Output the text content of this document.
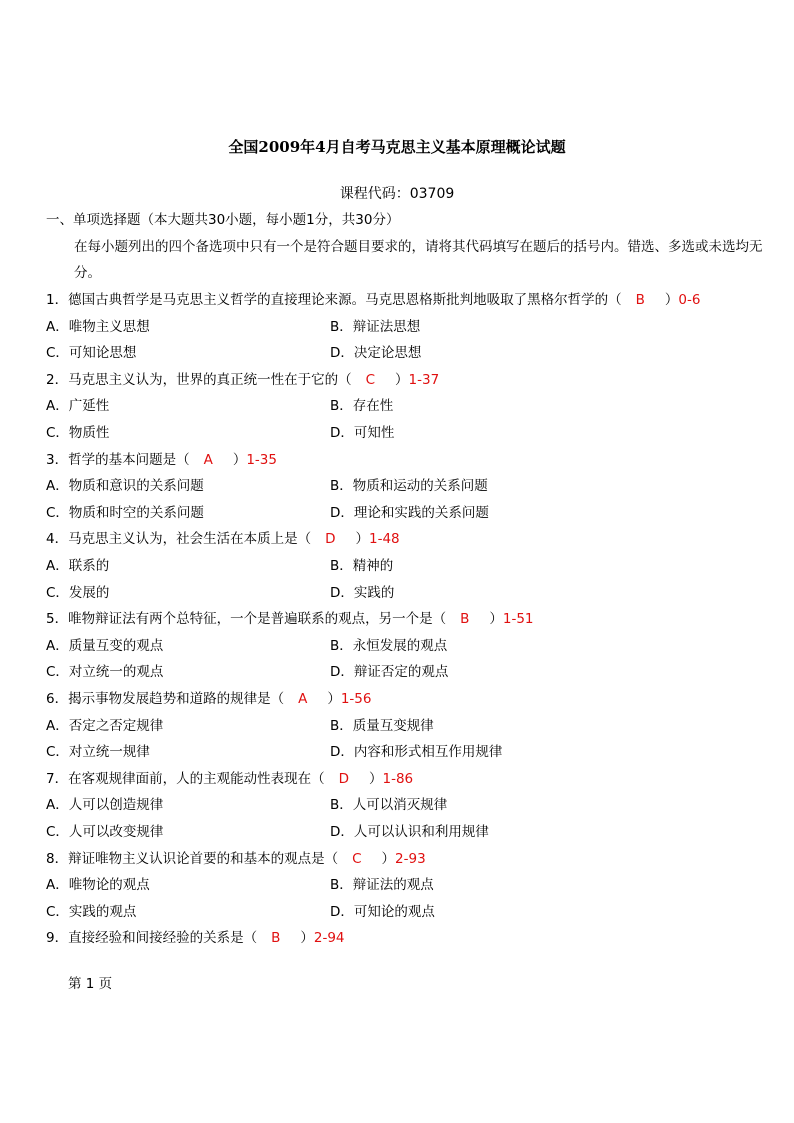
全国2009年4月自考马克思主义基本原理概论试题
课程代码：03709
一、单项选择题（本大题共30小题，每小题1分，共30分）
在每小题列出的四个备选项中只有一个是符合题目要求的，请将其代码填写在题后的括号内。错选、多选或未选均无分。
1．德国古典哲学是马克思主义哲学的直接理论来源。马克思恩格斯批判地吸取了黑格尔哲学的（ B ）0-6
A．唯物主义思想	B．辩证法思想
C．可知论思想	D．决定论思想
2．马克思主义认为，世界的真正统一性在于它的（ C ）1-37
A．广延性	B．存在性
C．物质性	D．可知性
3．哲学的基本问题是（ A ）1-35
A．物质和意识的关系问题	B．物质和运动的关系问题
C．物质和时空的关系问题	D．理论和实践的关系问题
4．马克思主义认为，社会生活在本质上是（ D ）1-48
A．联系的	B．精神的
C．发展的	D．实践的
5．唯物辩证法有两个总特征，一个是普遍联系的观点，另一个是（ B ）1-51
A．质量互变的观点	B．永恒发展的观点
C．对立统一的观点	D．辩证否定的观点
6．揭示事物发展趋势和道路的规律是（ A ）1-56
A．否定之否定规律	B．质量互变规律
C．对立统一规律	D．内容和形式相互作用规律
7．在客观规律面前，人的主观能动性表现在（ D ）1-86
A．人可以创造规律	B．人可以消灭规律
C．人可以改变规律	D．人可以认识和利用规律
8．辩证唯物主义认识论首要的和基本的观点是（ C ）2-93
A．唯物论的观点	B．辩证法的观点
C．实践的观点	D．可知论的观点
9．直接经验和间接经验的关系是（ B ）2-94
第 1 页
